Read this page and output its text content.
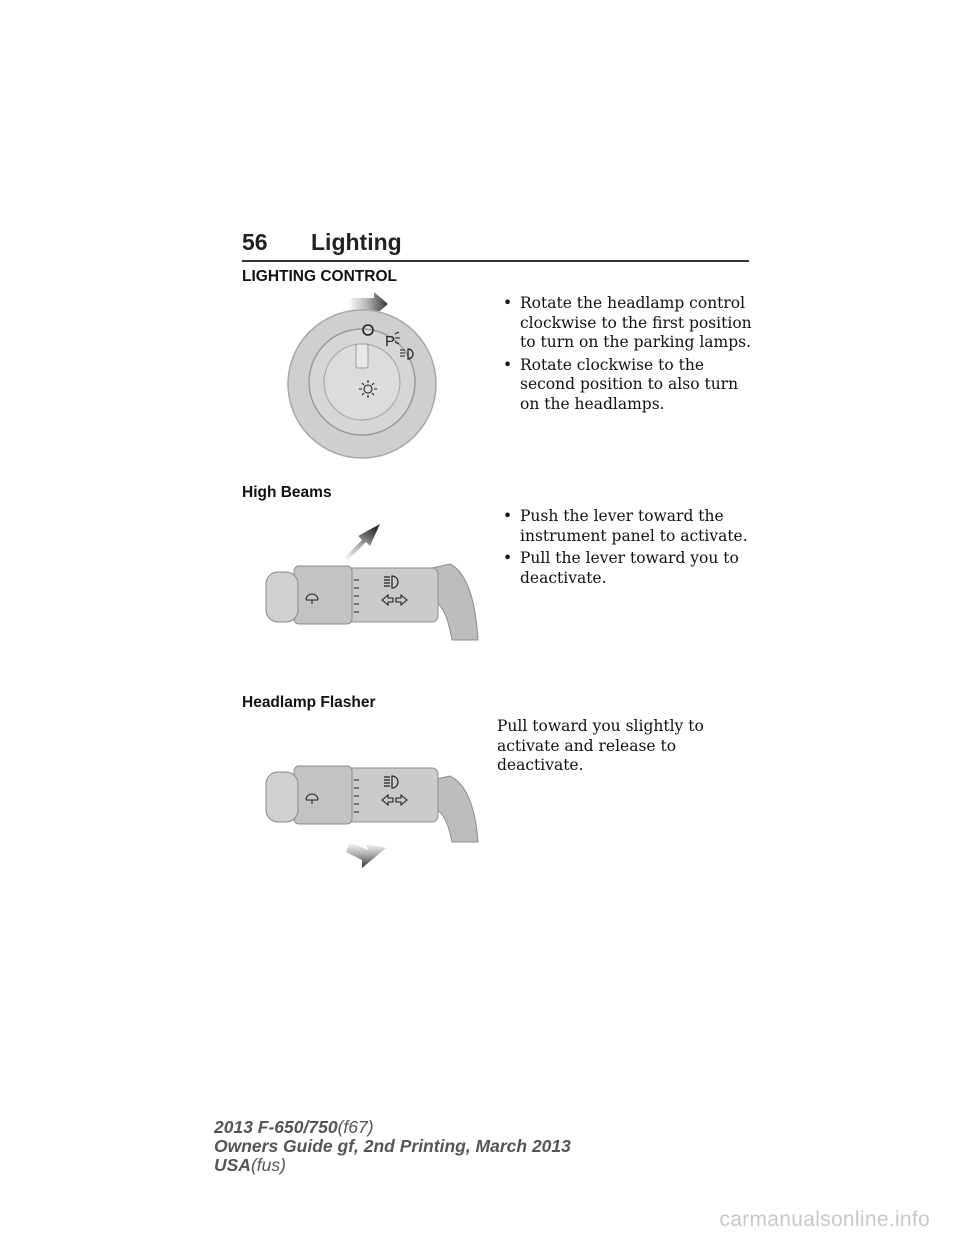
56 Lighting
LIGHTING CONTROL
P
• Rotate the headlamp control clockwise to the first position to turn on the parking lamps.
• Rotate clockwise to the second position to also turn on the headlamps.
High Beams
• Push the lever toward the instrument panel to activate.
• Pull the lever toward you to deactivate.
Headlamp Flasher
Pull toward you slightly to activate and release to deactivate.
2013 F-650/750(f67)
Owners Guide gf, 2nd Printing, March 2013
USA(fus)
carmanualsonline.info
